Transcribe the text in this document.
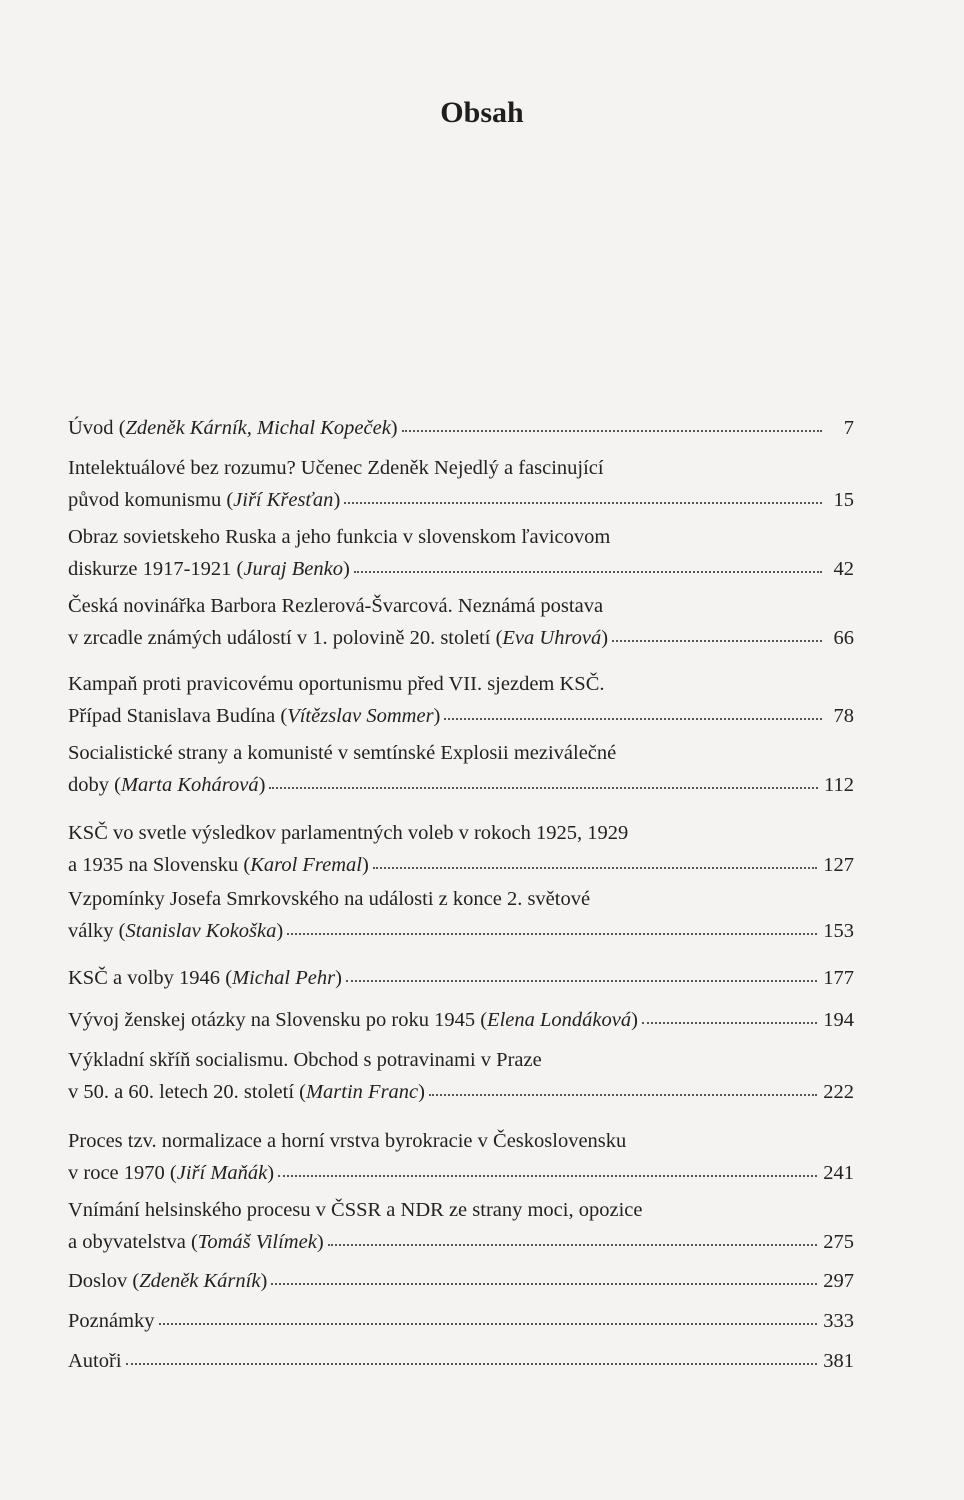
Obsah
Úvod ( Zdeněk Kárník, Michal Kopeček )	7
Intelektuálové bez rozumu? Učenec Zdeněk Nejedlý a fascinující
původ komunismu ( Jiří Křesťan )	15
Obraz sovietskeho Ruska a jeho funkcia v slovenskom ľavicovom
diskurze 1917-1921 ( Juraj Benko )	42
Česká novinářka Barbora Rezlerová-Švarcová. Neznámá postava
v zrcadle známých událostí v 1. polovině 20. století ( Eva Uhrová )	66
Kampaň proti pravicovému oportunismu před VII. sjezdem KSČ.
Případ Stanislava Budína ( Vítězslav Sommer )	78
Socialistické strany a komunisté v semtínské Explosii meziválečné
doby ( Marta Kohárová )	112
KSČ vo svetle výsledkov parlamentných voleb v rokoch 1925, 1929
a 1935 na Slovensku ( Karol Fremal )	127
Vzpomínky Josefa Smrkovského na události z konce 2. světové
války ( Stanislav Kokoška )	153
KSČ a volby 1946 ( Michal Pehr )	177
Vývoj ženskej otázky na Slovensku po roku 1945 ( Elena Londáková )	194
Výkladní skříň socialismu. Obchod s potravinami v Praze
v 50. a 60. letech 20. století ( Martin Franc )	222
Proces tzv. normalizace a horní vrstva byrokracie v Československu
v roce 1970 ( Jiří Maňák )	241
Vnímání helsinského procesu v ČSSR a NDR ze strany moci, opozice
a obyvatelstva ( Tomáš Vilímek )	275
Doslov ( Zdeněk Kárník )	297
Poznámky	333
Autoři	381
